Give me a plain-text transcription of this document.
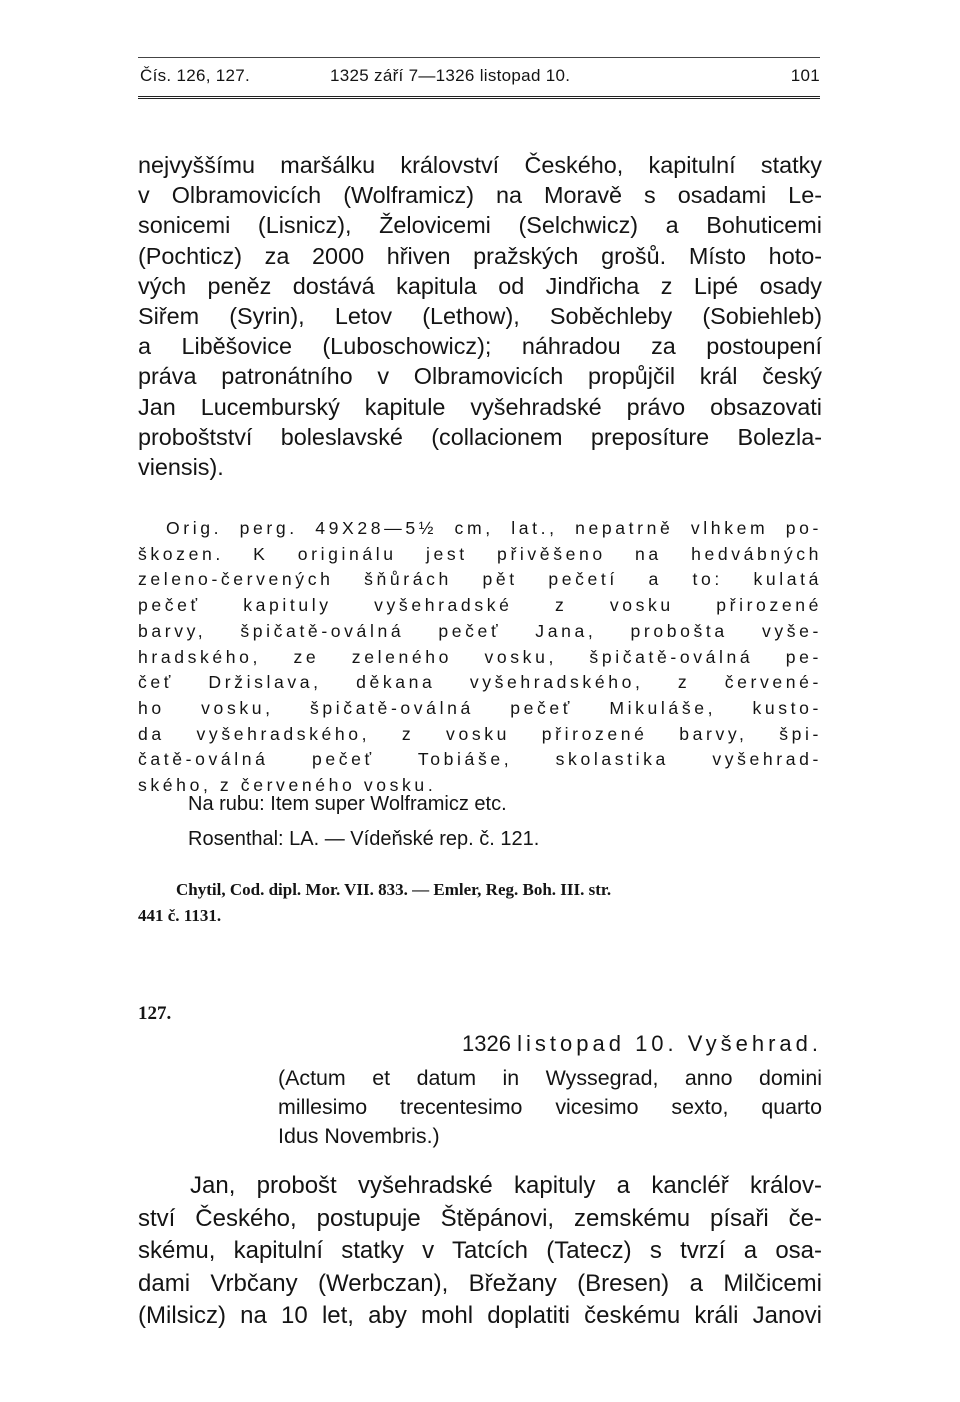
Čís. 126, 127.	1325 září 7—1326 listopad 10.	101
nejvyššímu maršálku království Českého, kapitulní statky
v Olbramovicích (Wolframicz) na Moravě s osadami Le-
sonicemi (Lisnicz), Želovicemi (Selchwicz) a Bohuticemi
(Pochticz) za 2000 hřiven pražských grošů. Místo hoto-
vých peněz dostává kapitula od Jindřicha z Lipé osady
Siřem (Syrin), Letov (Lethow), Soběchleby (Sobiehleb)
a Liběšovice (Luboschowicz); náhradou za postoupení
práva patronátního v Olbramovicích propůjčil král český
Jan Lucemburský kapitule vyšehradské právo obsazovati
proboštství boleslavské (collacionem preposíture Bolezla-
viensis).
Orig. perg. 49X28—5½ cm, lat., nepatrně vlhkem po-
škozen. K originálu jest přivěšeno na hedvábných
zeleno-červených šňůrách pět pečetí a to: kulatá
pečeť kapituly vyšehradské z vosku přirozené
barvy, špičatě-oválná pečeť Jana, probošta vyše-
hradského, ze zeleného vosku, špičatě-oválná pe-
čeť Držislava, děkana vyšehradského, z červené-
ho vosku, špičatě-oválná pečeť Mikuláše, kusto-
da vyšehradského, z vosku přirozené barvy, špi-
čatě-oválná pečeť Tobiáše, skolastika vyšehrad-
ského, z červeného vosku.
Na rubu: Item super Wolframicz etc.
Rosenthal: LA. — Vídeňské rep. č. 121.
Chytil, Cod. dipl. Mor. VII. 833. — Emler, Reg. Boh. III. str.
441 č. 1131.
127.
1326 listopad 10. Vyšehrad.
(Actum et datum in Wyssegrad, anno domini
millesimo trecentesimo vicesimo sexto, quarto
Idus Novembris.)
Jan, probošt vyšehradské kapituly a kancléř králov-
ství Českého, postupuje Štěpánovi, zemskému písaři če-
skému, kapitulní statky v Tatcích (Tatecz) s tvrzí a osa-
dami Vrbčany (Werbczan), Břežany (Bresen) a Milčicemi
(Milsicz) na 10 let, aby mohl doplatiti českému králi Janovi
